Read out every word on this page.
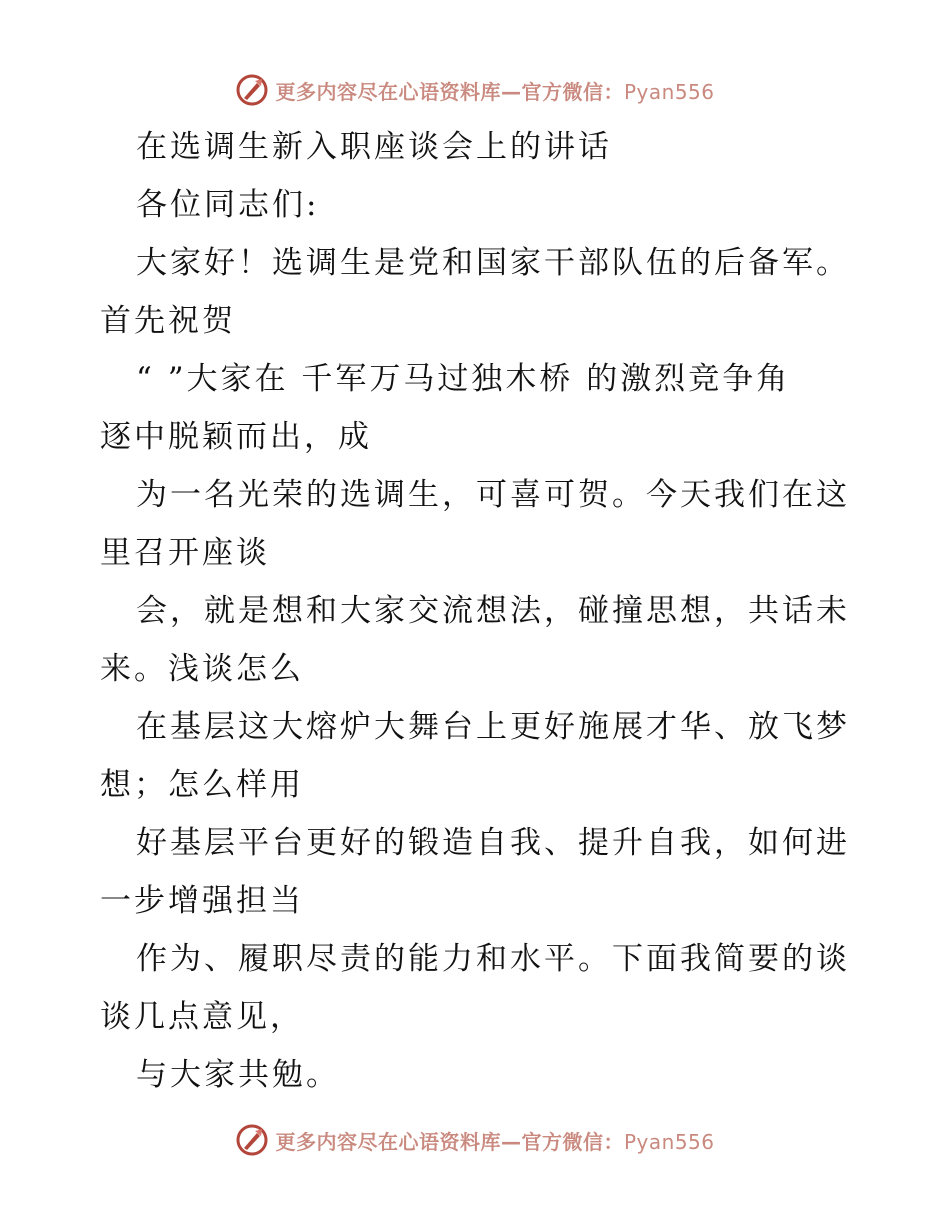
更多内容尽在心语资料库—官方微信：Pyan556
在选调生新入职座谈会上的讲话
各位同志们:
大家好！选调生是党和国家干部队伍的后备军。
首先祝贺
“ ”大家在 千军万马过独木桥 的激烈竞争角
逐中脱颖而出，成
为一名光荣的选调生，可喜可贺。今天我们在这
里召开座谈
会，就是想和大家交流想法，碰撞思想，共话未
来。浅谈怎么
在基层这大熔炉大舞台上更好施展才华、放飞梦
想；怎么样用
好基层平台更好的锻造自我、提升自我，如何进
一步增强担当
作为、履职尽责的能力和水平。下面我简要的谈
谈几点意见，
与大家共勉。
更多内容尽在心语资料库—官方微信：Pyan556
